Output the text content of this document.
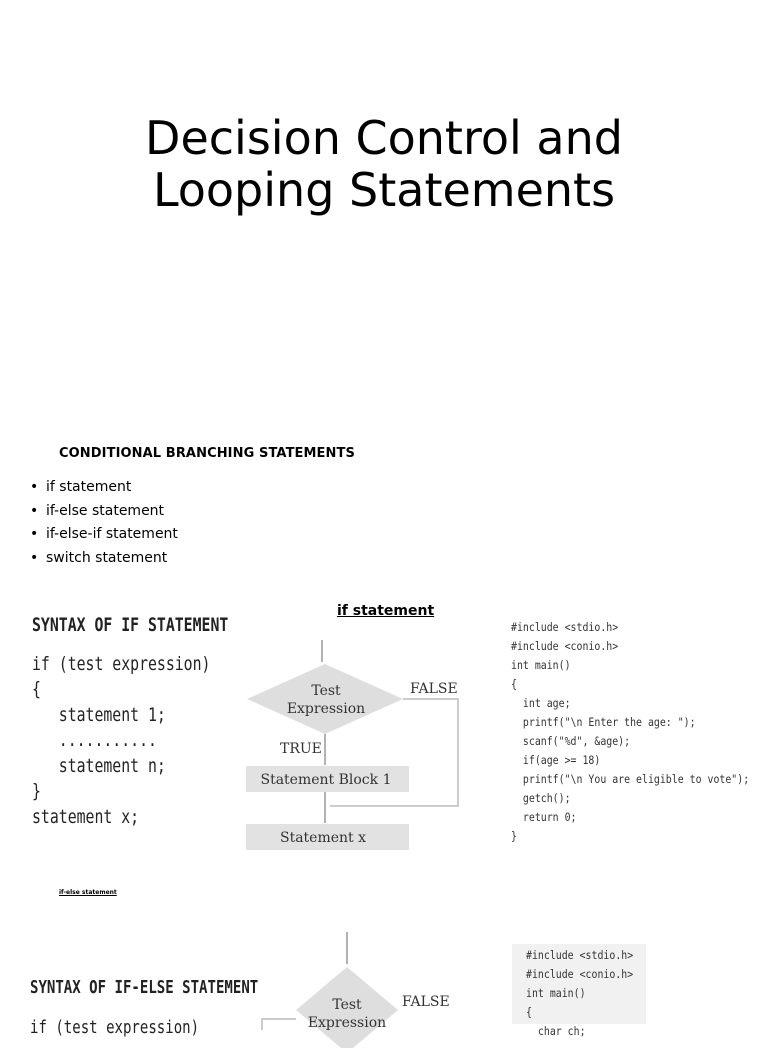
Decision Control and
Looping Statements
CONDITIONAL BRANCHING STATEMENTS
• if statement
• if-else statement
• if-else-if statement
• switch statement
if statement
SYNTAX OF IF STATEMENT
if (test expression)
{
statement 1;
...........
statement n;
}
statement x;
Test
Expression
FALSE
TRUE
Statement Block 1
Statement x
#include <stdio.h>
#include <conio.h>
int main()
{
int age;
printf("\n Enter the age: ");
scanf("%d", &age);
if(age >= 18)
printf("\n You are eligible to vote");
getch();
return 0;
}
if-else statement
SYNTAX OF IF-ELSE STATEMENT
if (test expression)
Test
Expression
FALSE
#include <stdio.h>
#include <conio.h>
int main()
{
char ch;
